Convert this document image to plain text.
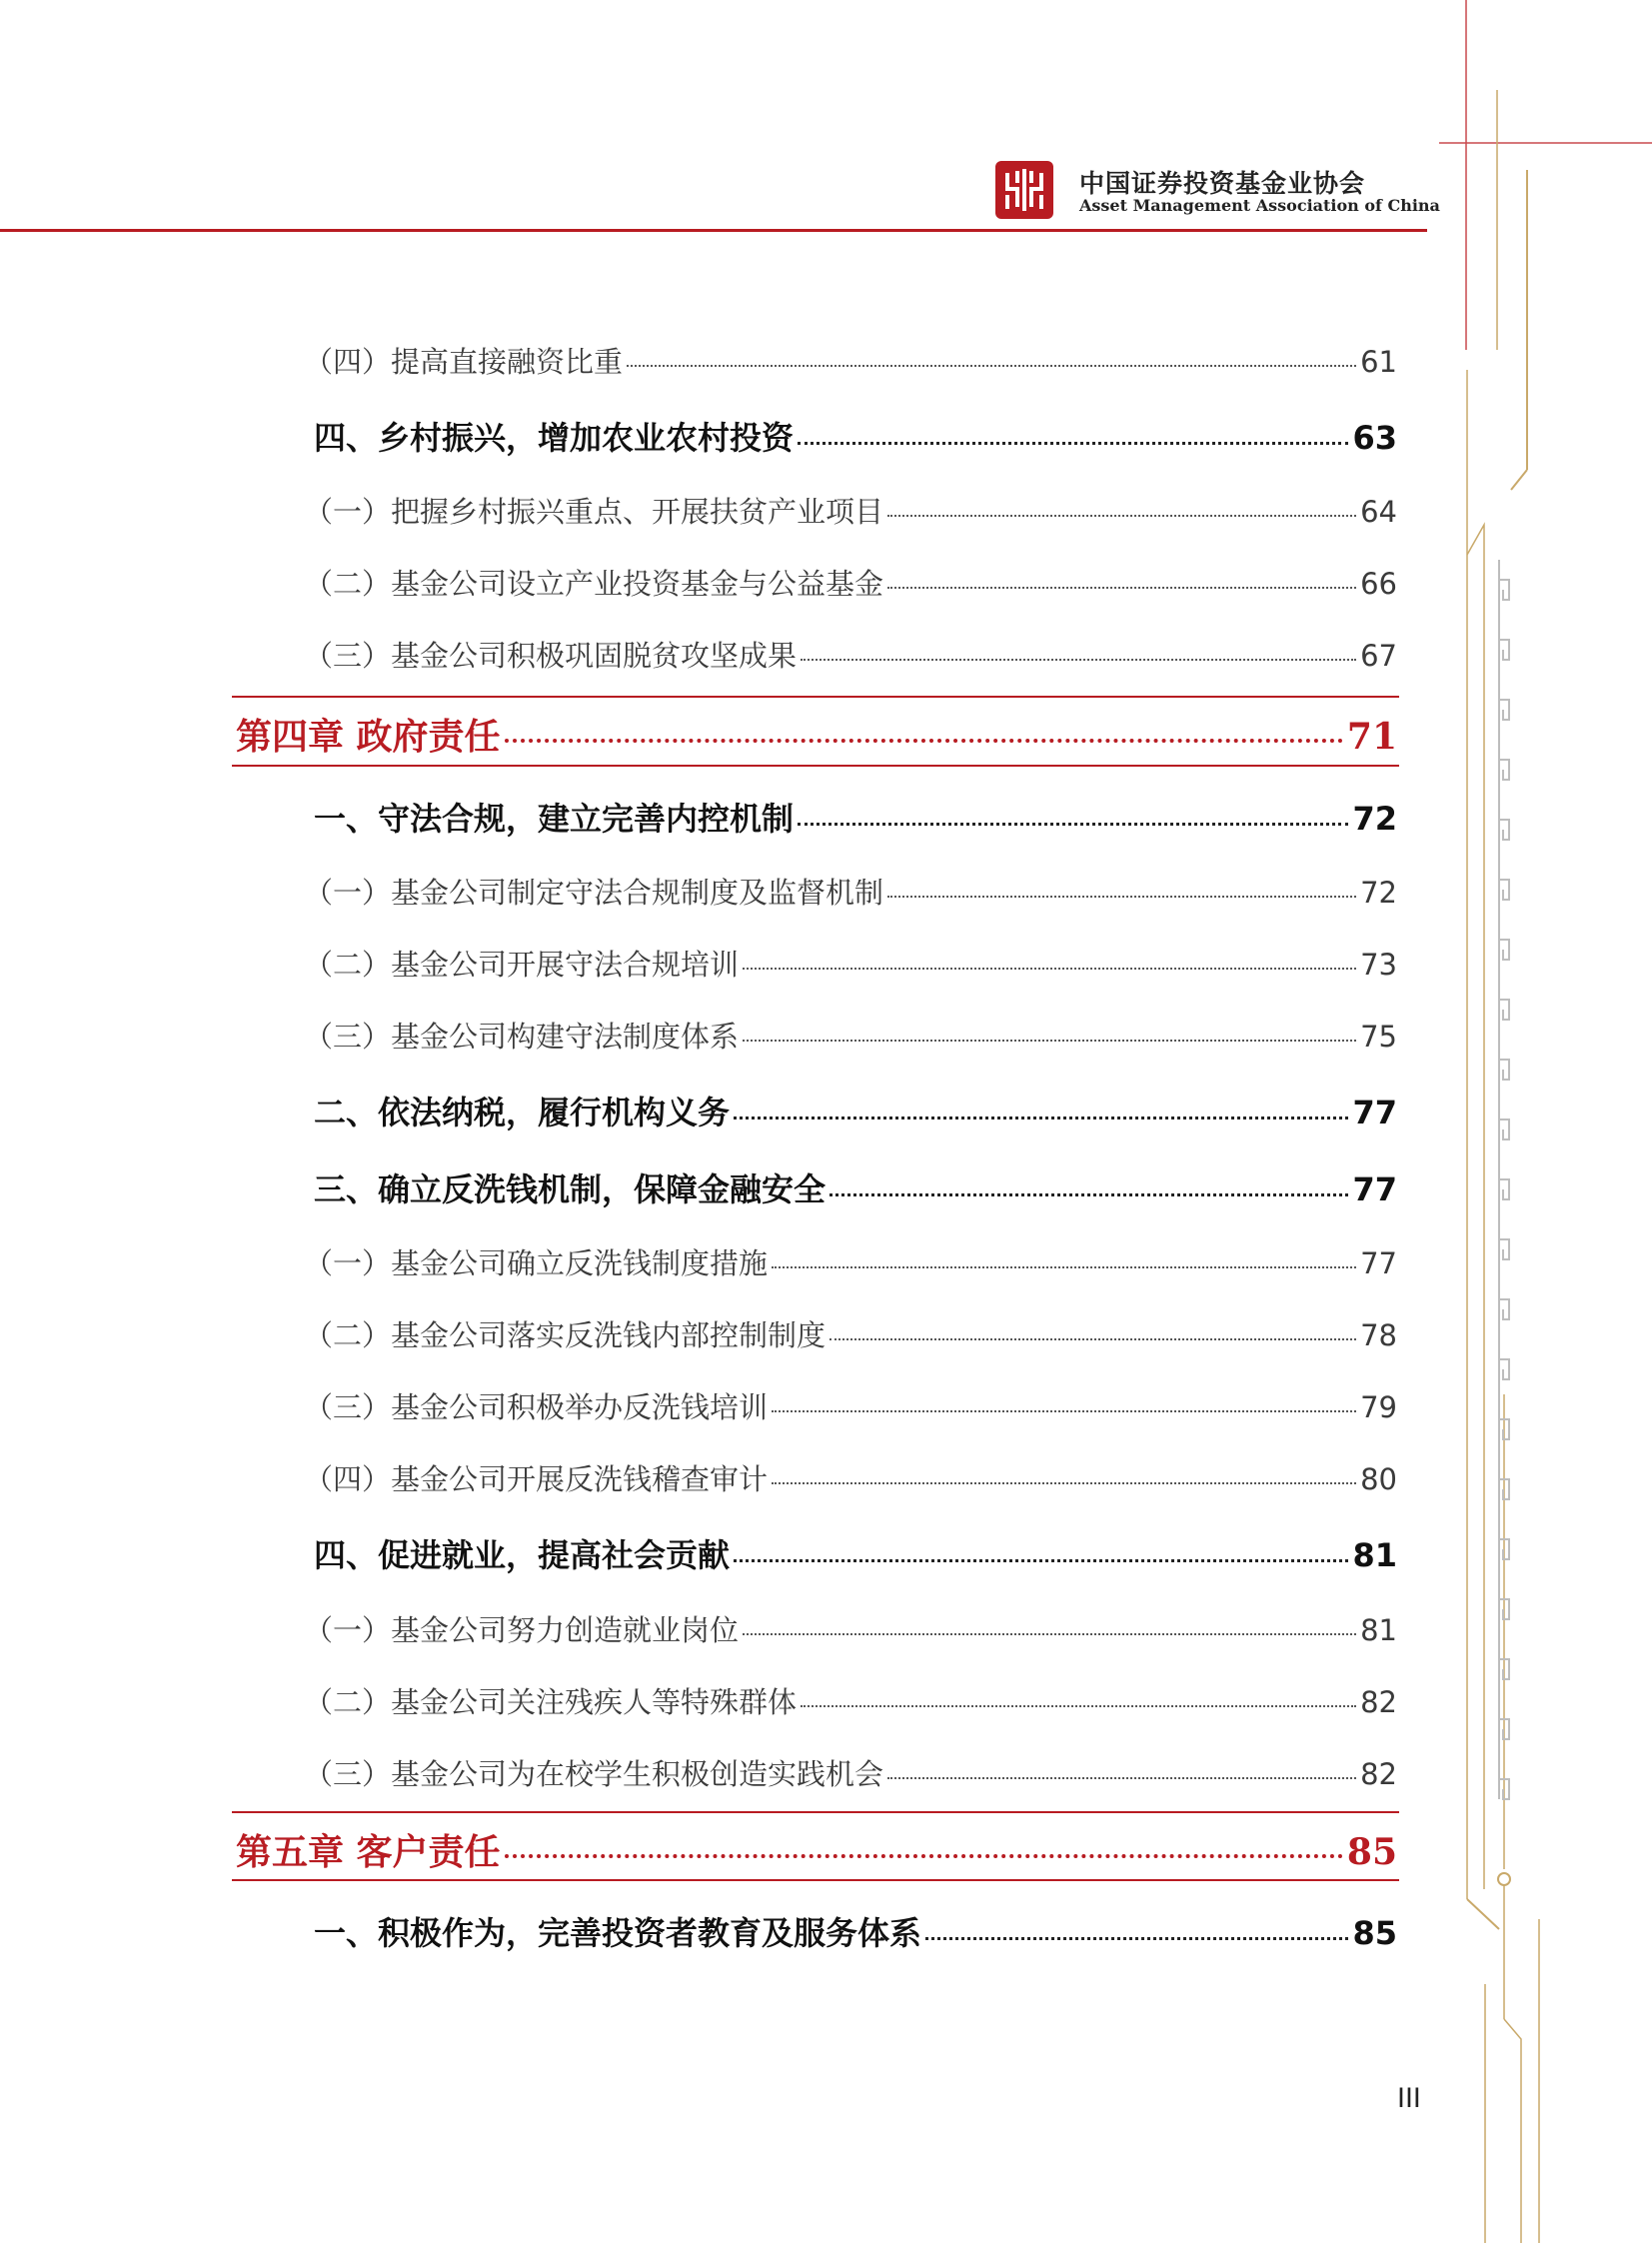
中国证券投资基金业协会
Asset Management Association of China
（四）提高直接融资比重	61
四、乡村振兴，增加农业农村投资	63
（一）把握乡村振兴重点、开展扶贫产业项目	64
（二）基金公司设立产业投资基金与公益基金	66
（三）基金公司积极巩固脱贫攻坚成果	67
第四章 政府责任	71
一、守法合规，建立完善内控机制	72
（一）基金公司制定守法合规制度及监督机制	72
（二）基金公司开展守法合规培训	73
（三）基金公司构建守法制度体系	75
二、依法纳税，履行机构义务	77
三、确立反洗钱机制，保障金融安全	77
（一）基金公司确立反洗钱制度措施	77
（二）基金公司落实反洗钱内部控制制度	78
（三）基金公司积极举办反洗钱培训	79
（四）基金公司开展反洗钱稽查审计	80
四、促进就业，提高社会贡献	81
（一）基金公司努力创造就业岗位	81
（二）基金公司关注残疾人等特殊群体	82
（三）基金公司为在校学生积极创造实践机会	82
第五章 客户责任	85
一、积极作为，完善投资者教育及服务体系	85
III
